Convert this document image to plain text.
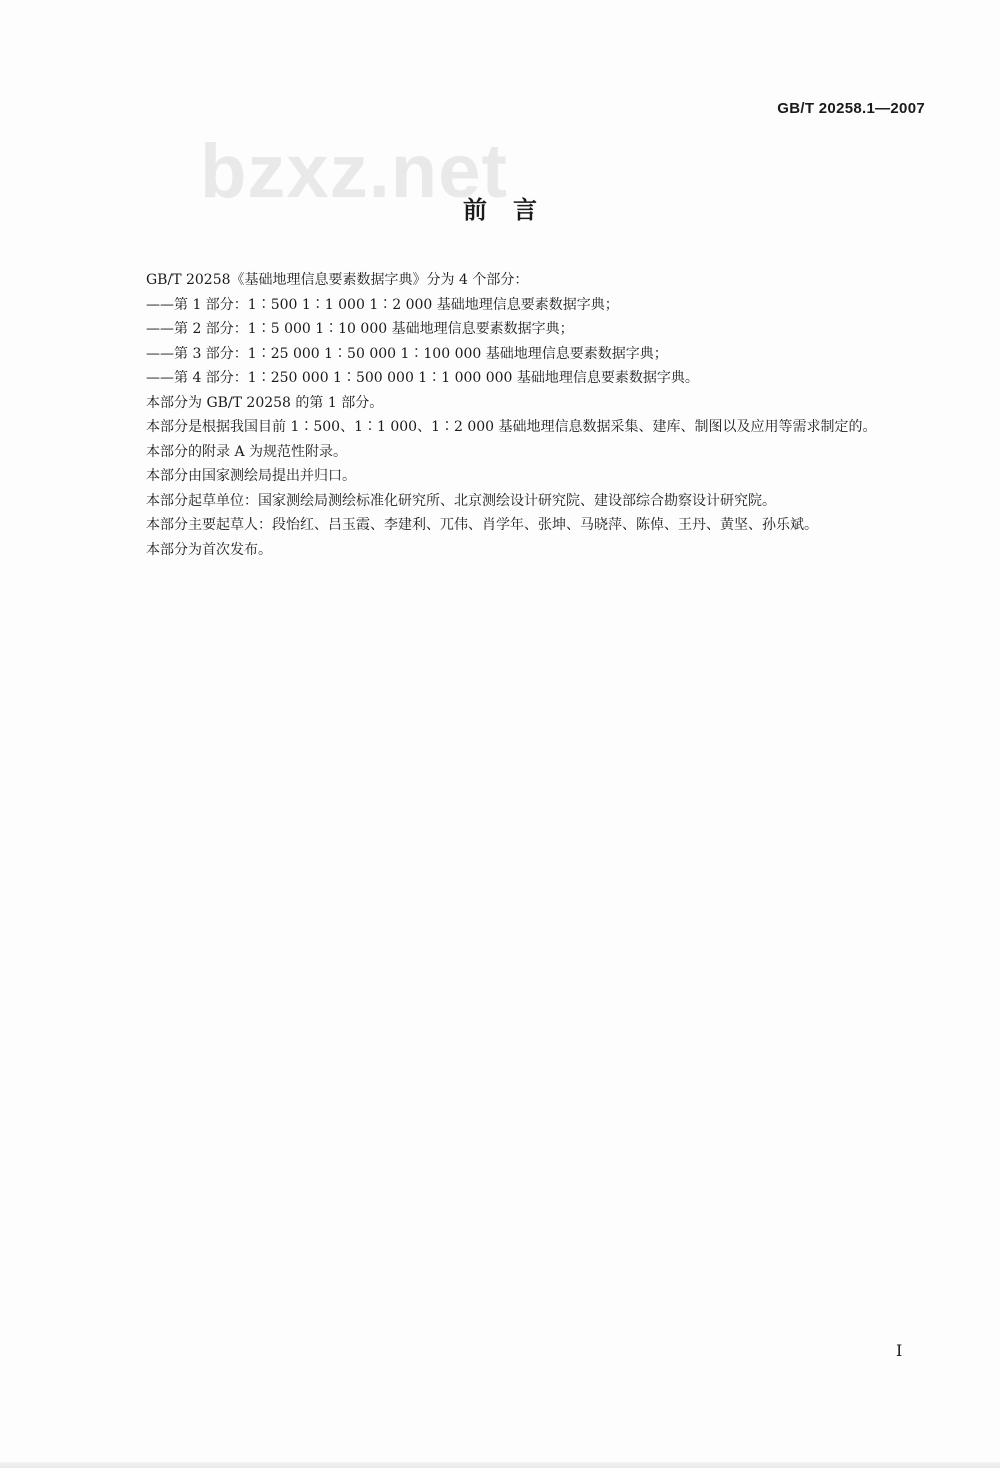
GB/T 20258.1—2007
bzxz.net
前言

GB/T 20258《基础地理信息要素数据字典》分为 4 个部分：

——第 1 部分：1∶500 1∶1 000 1∶2 000 基础地理信息要素数据字典；

——第 2 部分：1∶5 000 1∶10 000 基础地理信息要素数据字典；

——第 3 部分：1∶25 000 1∶50 000 1∶100 000 基础地理信息要素数据字典；

——第 4 部分：1∶250 000 1∶500 000 1∶1 000 000 基础地理信息要素数据字典。

本部分为 GB/T 20258 的第 1 部分。

本部分是根据我国目前 1∶500、1∶1 000、1∶2 000 基础地理信息数据采集、建库、制图以及应用等需求制定的。

本部分的附录 A 为规范性附录。

本部分由国家测绘局提出并归口。

本部分起草单位：国家测绘局测绘标准化研究所、北京测绘设计研究院、建设部综合勘察设计研究院。

本部分主要起草人：段怡红、吕玉霞、李建利、兀伟、肖学年、张坤、马晓萍、陈倬、王丹、黄坚、孙乐斌。

本部分为首次发布。

I
